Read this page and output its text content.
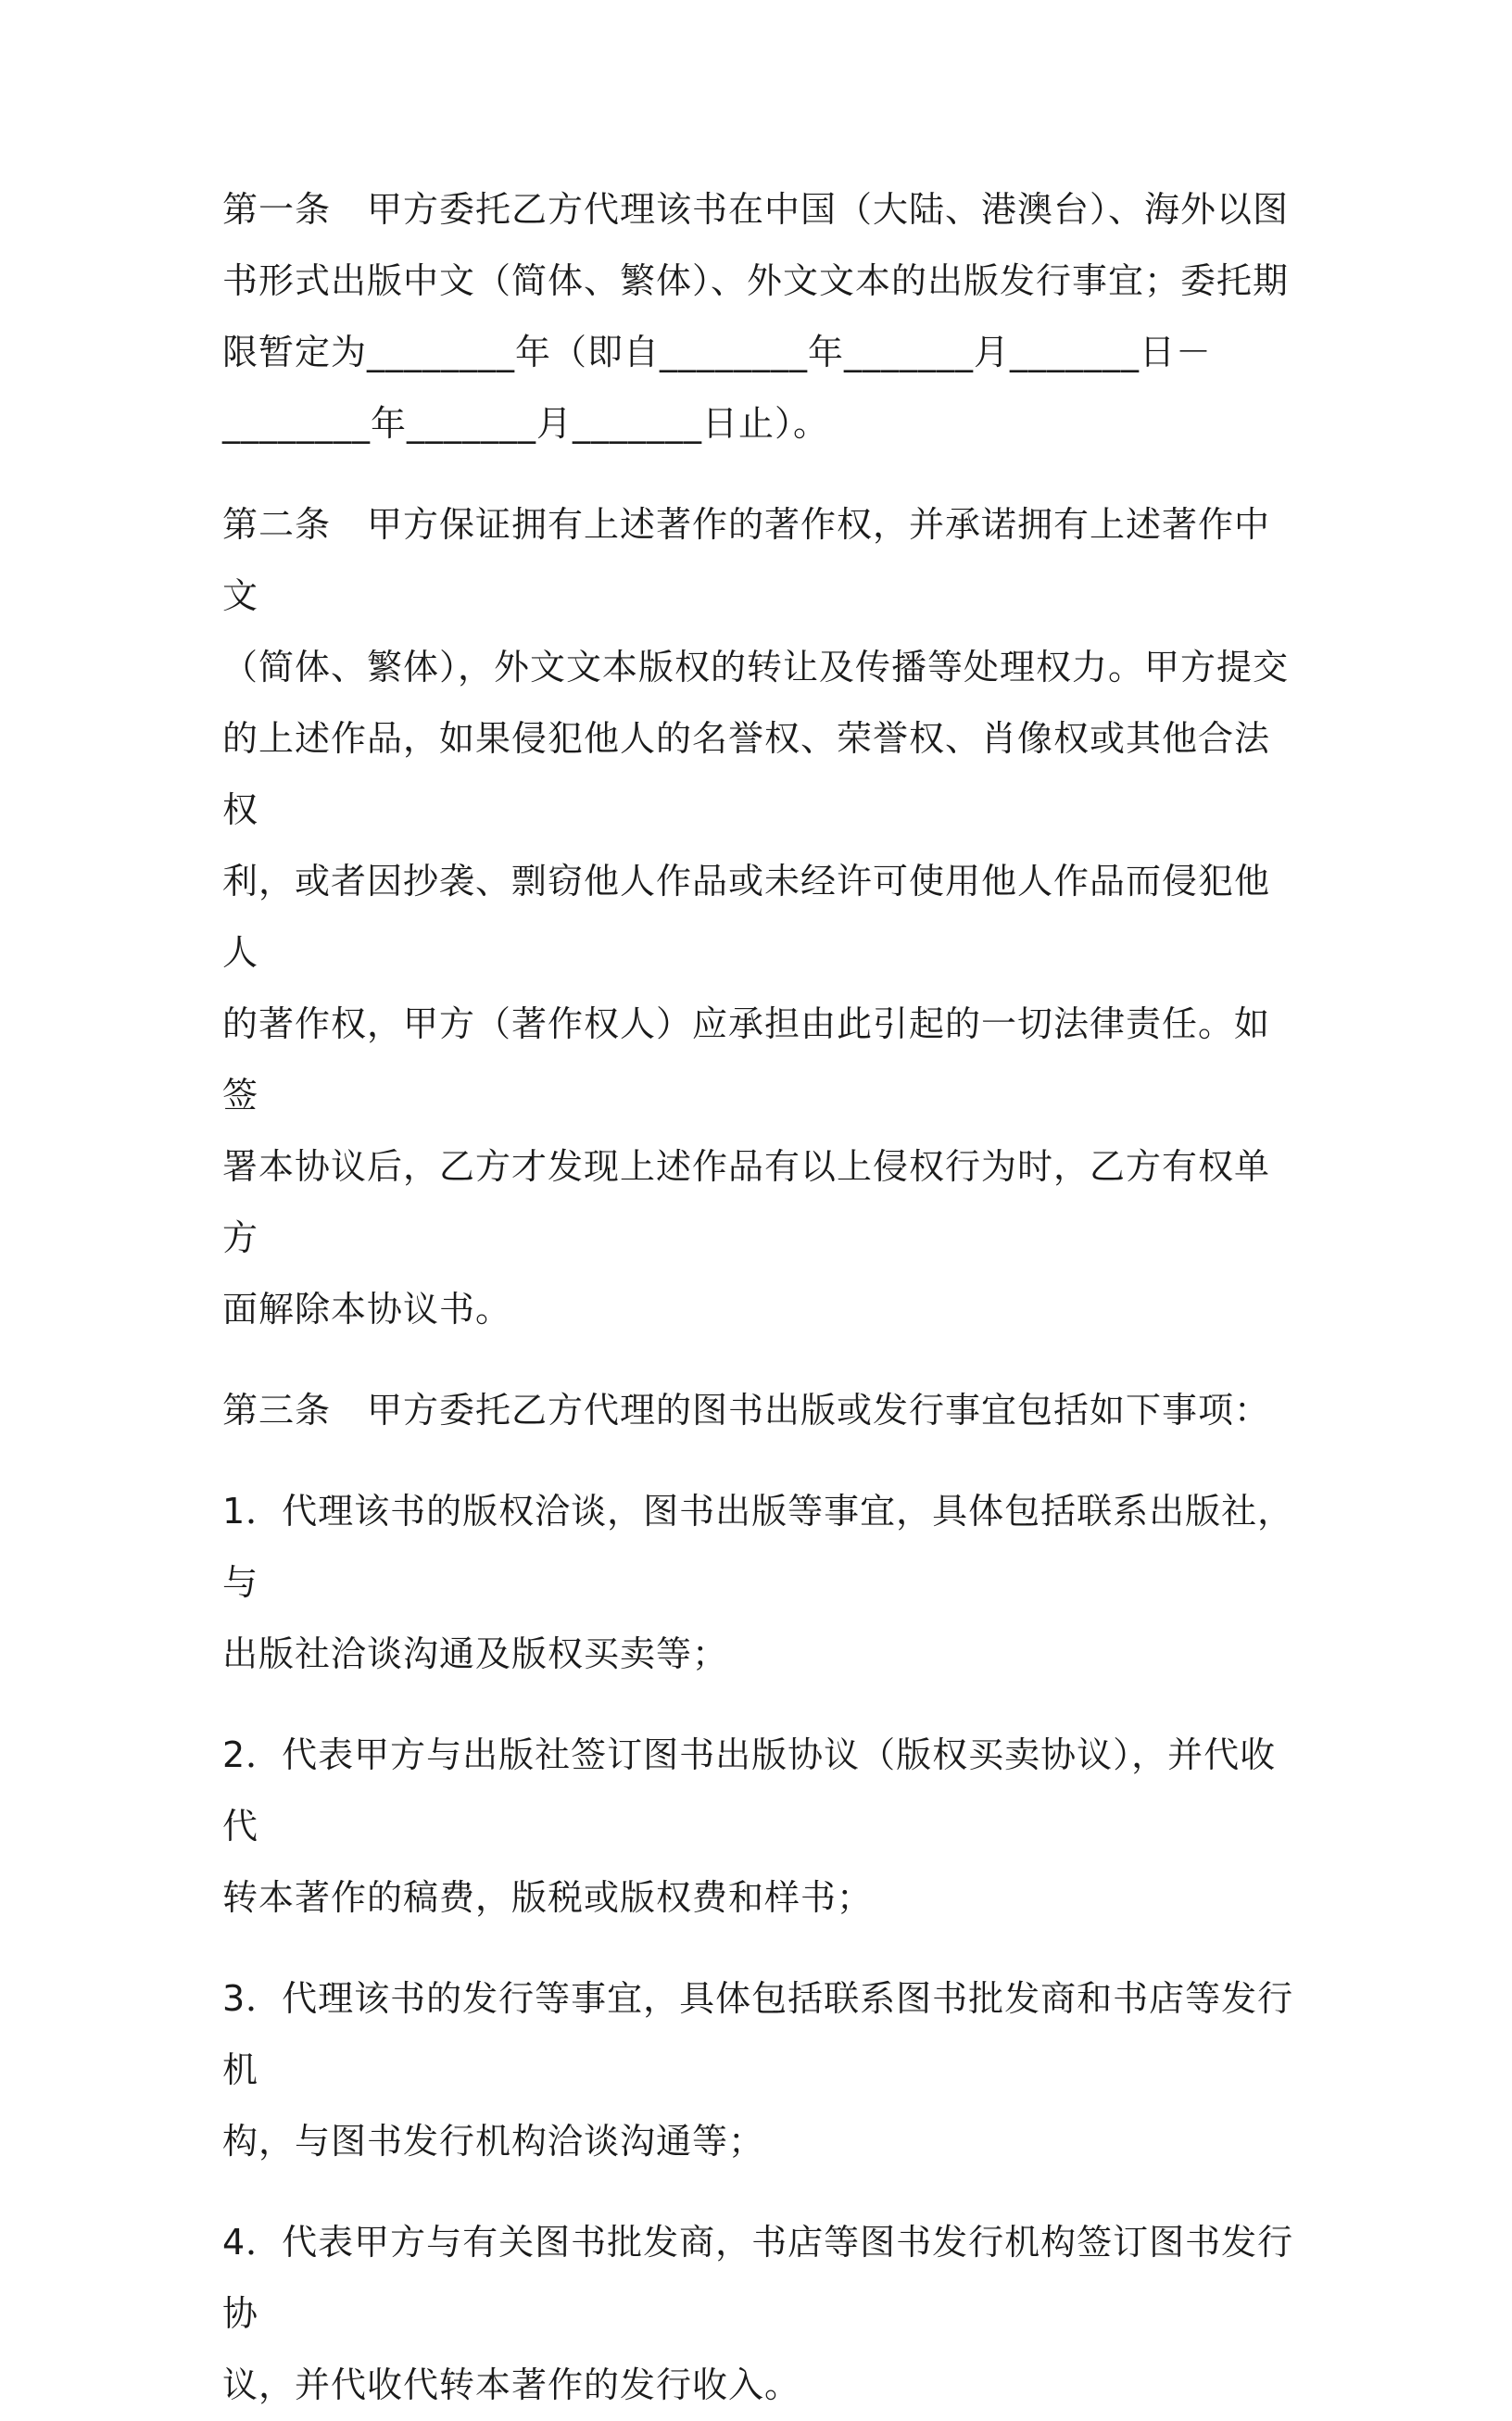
第一条　甲方委托乙方代理该书在中国（大陆、港澳台）、海外以图
书形式出版中文（简体、繁体）、外文文本的出版发行事宜；委托期
限暂定为________年（即自________年_______月_______日－
________年_______月_______日止）。
第二条　甲方保证拥有上述著作的著作权，并承诺拥有上述著作中文
（简体、繁体），外文文本版权的转让及传播等处理权力。甲方提交
的上述作品，如果侵犯他人的名誉权、荣誉权、肖像权或其他合法权
利，或者因抄袭、剽窃他人作品或未经许可使用他人作品而侵犯他人
的著作权，甲方（著作权人）应承担由此引起的一切法律责任。如签
署本协议后，乙方才发现上述作品有以上侵权行为时，乙方有权单方
面解除本协议书。
第三条　甲方委托乙方代理的图书出版或发行事宜包括如下事项：
1．代理该书的版权洽谈，图书出版等事宜，具体包括联系出版社，与
出版社洽谈沟通及版权买卖等；
2．代表甲方与出版社签订图书出版协议（版权买卖协议），并代收代
转本著作的稿费，版税或版权费和样书；
3．代理该书的发行等事宜，具体包括联系图书批发商和书店等发行机
构，与图书发行机构洽谈沟通等；
4．代表甲方与有关图书批发商，书店等图书发行机构签订图书发行协
议，并代收代转本著作的发行收入。
